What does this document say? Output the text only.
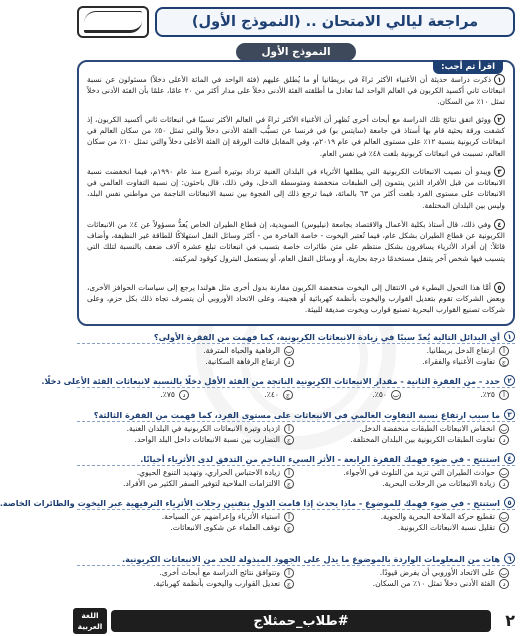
مراجعة ليالي الامتحان .. (النموذج الأول)
النموذج الأول
اقرأ ثم أجب:

١ذكرت دراسة حديثة أن الأغنياء الأكثر ثراءً في بريطانيا أو ما يُطلق عليهم (فئة الواحد في المائة الأعلى دخلاً) مسئولون عن نسبة انبعاثات ثاني أكسيد الكربون في العالم الواحد لما تعادل ما أطلقته الفئة الأدنى دخلاً على مدار أكثر من ٢٠ عامًا، علمًا بأن الفئة الأدنى دخلاً تمثل ١٠٪ من السكان.

٢ووثق اتفق نتائج تلك الدراسة مع أبحاث أخرى تُظهر أن الأغنياء الأكثر ثراءً في العالم الأكثر تسببًا في انبعاثات ثاني أكسيد الكربون، إذ كشفت ورقة بحثية قام بها أستاذ في جامعة (سايتس بو) في فرنسا عن تسبُّب الفئة الأدنى دخلاً والتي تمثل ٥٠٪ من سكان العالم في انبعاثات كربونية بنسبة ١٢٪ على مستوى العالم في عام ٢٠١٩م، وفي المقابل قالت الورقة إن الفئة الأعلى دخلاً والتي تمثل ١٠٪ من سكان العالم، تسببت في انبعاثات كربونية بلغت ٤٨٪ في نفس العام.

٣ويبدو أن نصيب الانبعاثات الكربونية التي يطلقها الأثرياء في البلدان الغنية تزداد بوتيرة أسرع منذ عام ١٩٩٠م، فيما انخفضت نسبة الانبعاثات من قبل الأفراد الذين ينتمون إلى الطبقات منخفضة ومتوسطة الدخل، وفي ذلك، قال باحثون: إن نسبة التفاوت العالمي في الانبعاثات على مستوى الفرد بلغت أكثر من ٦٣ بالمائة، فيما ترجع ذلك إلى الفجوة بين نسبة الانبعاثات الناجمة من مواطني نفس البلد، وليس بين البلدان المختلفة.

٤وفي ذلك، قال أستاذ بكلية الأعمال والاقتصاد بجامعة (نيليوس) السويدية، إن قطاع الطيران الخاص يُعدُّ مسؤولاً عن ٤٪ من الانبعاثات الكربونية عن قطاع الطيران بشكل عام، فيما تُعتبر اليخوت - خاصة الفاخرة من - أكثر وسائل النقل استهلاكًا للطاقة غير النظيفة، وأضاف قائلاً: إن أفراد الأثرياء يسافرون بشكل منتظم على متن طائرات خاصة بتسبب في انبعاثات تبلغ عشرة آلاف ضعف بالنسبة لتلك التي يتسبب فيها شخص آخر يتنقل مستخدمًا درجة بحارية، أو وسائل النقل العام، أو يستعمل البترول كوقود لمركبته.

٥أمَّا هذا التحول البطيء في الانتقال إلى اليخوت منخفضة الكربون مقارنة بدول أخرى مثل هولندا يرجع إلى سياسات الحوافز الأخرى، وبعض الشركات تقوم بتعديل القوارب واليخوت بأنظمة كهربائية أو هجينة، وعلى الاتحاد الأوروبي أن يتصرف تجاه ذلك بكل حزم، وعلى شركات تصنيع القوارب البحرية تصنيع قوارب ويخوت صديقة للبيئة.

١
أي البدائل التالية يُعدّ سببًا في زيادة الانبعاثات الكربونية، كما فهمت من الفقرة الأولى؟
أ
ارتفاع الدخل بريطانيا.
ب
الرفاهية والحياة المترفة.
ج
تفاوت الأغنياء والفقراء.
د
ارتفاع الرفاهة السكانية.
٢
حدد - من الفقرة الثانية - مقدار الانبعاثات الكربونية الناتجة من الفئة الأقل دخلًا بالنسبة لانبعاثات الفئة الأعلى دخلًا.
أ
٢٥٪.
ب
٥٠٪.
ج
٤٠٪.
د
٧٥٪.
٣
ما سبب ارتفاع نسبة التفاوت العالمي في الانبعاثات على مستوى الفرد، كما فهمت من الفقرة الثالثة؟
أ
ازدياد وتيرة الانبعاثات الكربونية في البلدان الغنية.	ب
انخفاض الانبعاثات الطبقات منخفضة الدخل.
ج
التضارب بين نسبة الانبعاثات داخل البلد الواحد.	د
تفاوت الطبقات الكربونية بين البلدان المختلفة.
٤
استنتج - في ضوء فهمك الفقرة الرابعة - الأثر السيء الناجم من التدفق لدى الأثرياء أحيانًا.
أ
زيادة الاحتباس الحراري، وتهديد التنوع الحيوي.	ب
حوادث الطيران التي تزيد من التلوث في الأجواء.
ج
الالتزامات الملاحية لتوفير السفر الكثير من الأفراد.	د
زيادة الانبعاثات من الرحلات البحرية.
٥
استنتج - في ضوء فهمك للموضوع - ماذا يحدث إذا قامت الدول بتقنين رحلات الأثرياء الترفيهية عبر اليخوت والطائرات الخاصة.
أ
استياء الأثرياء وإعراضهم عن السياحة.	ب
تقطيع حركة الملاحة البحرية والجوية.
ج
توقف العلماء عن شكوى الانبعاثات.	د
تقليل نسبة الانبعاثات الكربونية.
٦
هات من المعلومات الواردة بالموضوع ما يدل على الجهود المبذولة للحد من الانبعاثات الكربونية.
أ
وتتوافق نتائج الدراسة مع أبحاث أخرى.	ب
على الاتحاد الأوروبي أن يفرض قيودًا.
ج
تعديل القوارب واليخوت بأنظمة كهربائية.	د
الفئة الأدنى دخلاً تمثل ١٠٪ من السكان.
اللغة
العربية	#طلاب_حمثلاج	٢
